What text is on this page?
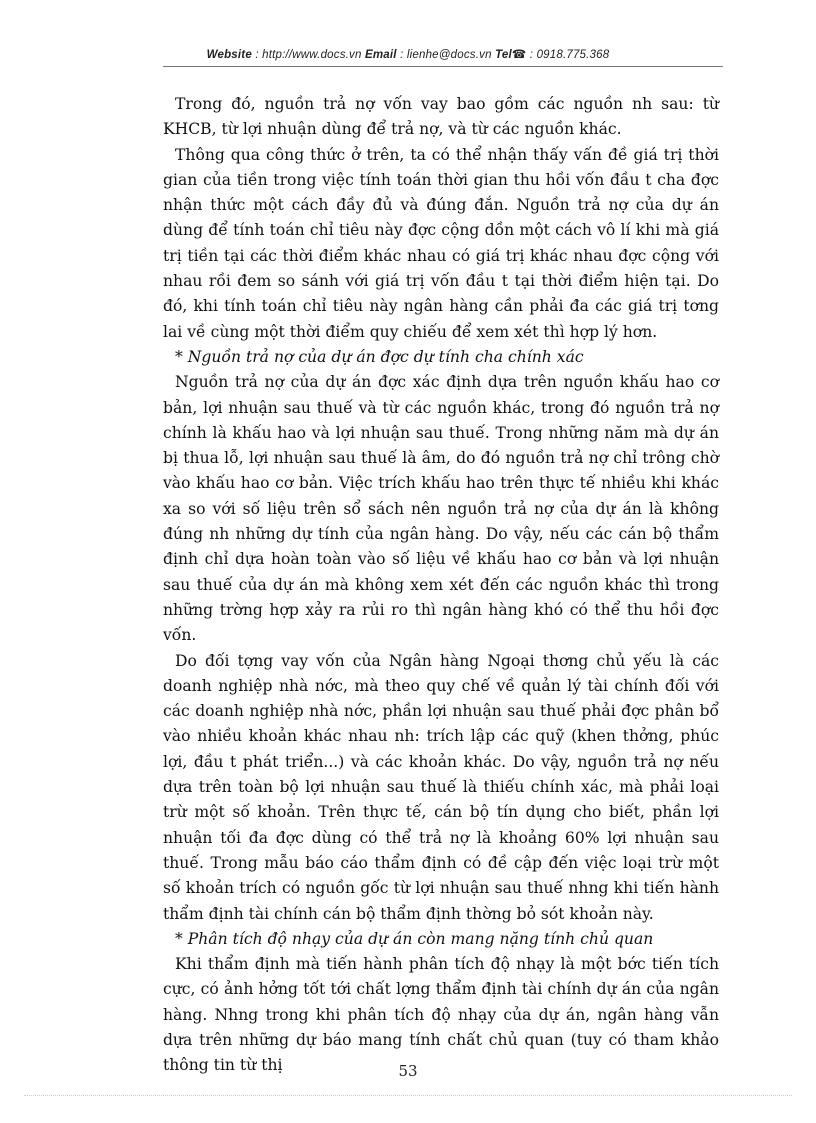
Website : http://www.docs.vn Email : lienhe@docs.vn Tel☎ : 0918.775.368

Trong đó, nguồn trả nợ vốn vay bao gồm các nguồn nh sau: từ KHCB, từ lợi nhuận dùng để trả nợ, và từ các nguồn khác.

Thông qua công thức ở trên, ta có thể nhận thấy vấn đề giá trị thời gian của tiền trong việc tính toán thời gian thu hồi vốn đầu t cha đợc nhận thức một cách đầy đủ và đúng đắn. Nguồn trả nợ của dự án dùng để tính toán chỉ tiêu này đợc cộng dồn một cách vô lí khi mà giá trị tiền tại các thời điểm khác nhau có giá trị khác nhau đợc cộng với nhau rồi đem so sánh với giá trị vốn đầu t tại thời điểm hiện tại. Do đó, khi tính toán chỉ tiêu này ngân hàng cần phải đa các giá trị tơng lai về cùng một thời điểm quy chiếu để xem xét thì hợp lý hơn.

* Nguồn trả nợ của dự án đợc dự tính cha chính xác

Nguồn trả nợ của dự án đợc xác định dựa trên nguồn khấu hao cơ bản, lợi nhuận sau thuế và từ các nguồn khác, trong đó nguồn trả nợ chính là khấu hao và lợi nhuận sau thuế. Trong những năm mà dự án bị thua lỗ, lợi nhuận sau thuế là âm, do đó nguồn trả nợ chỉ trông chờ vào khấu hao cơ bản. Việc trích khấu hao trên thực tế nhiều khi khác xa so với số liệu trên sổ sách nên nguồn trả nợ của dự án là không đúng nh những dự tính của ngân hàng. Do vậy, nếu các cán bộ thẩm định chỉ dựa hoàn toàn vào số liệu về khấu hao cơ bản và lợi nhuận sau thuế của dự án mà không xem xét đến các nguồn khác thì trong những trờng hợp xảy ra rủi ro thì ngân hàng khó có thể thu hồi đợc vốn.

Do đối tợng vay vốn của Ngân hàng Ngoại thơng chủ yếu là các doanh nghiệp nhà nớc, mà theo quy chế về quản lý tài chính đối với các doanh nghiệp nhà nớc, phần lợi nhuận sau thuế phải đợc phân bổ vào nhiều khoản khác nhau nh: trích lập các quỹ (khen thởng, phúc lợi, đầu t phát triển...) và các khoản khác. Do vậy, nguồn trả nợ nếu dựa trên toàn bộ lợi nhuận sau thuế là thiếu chính xác, mà phải loại trừ một số khoản. Trên thực tế, cán bộ tín dụng cho biết, phần lợi nhuận tối đa đợc dùng có thể trả nợ là khoảng 60% lợi nhuận sau thuế. Trong mẫu báo cáo thẩm định có đề cập đến việc loại trừ một số khoản trích có nguồn gốc từ lợi nhuận sau thuế nhng khi tiến hành thẩm định tài chính cán bộ thẩm định thờng bỏ sót khoản này.

* Phân tích độ nhạy của dự án còn mang nặng tính chủ quan

Khi thẩm định mà tiến hành phân tích độ nhạy là một bớc tiến tích cực, có ảnh hởng tốt tới chất lợng thẩm định tài chính dự án của ngân hàng. Nhng trong khi phân tích độ nhạy của dự án, ngân hàng vẫn dựa trên những dự báo mang tính chất chủ quan (tuy có tham khảo thông tin từ thị	53
